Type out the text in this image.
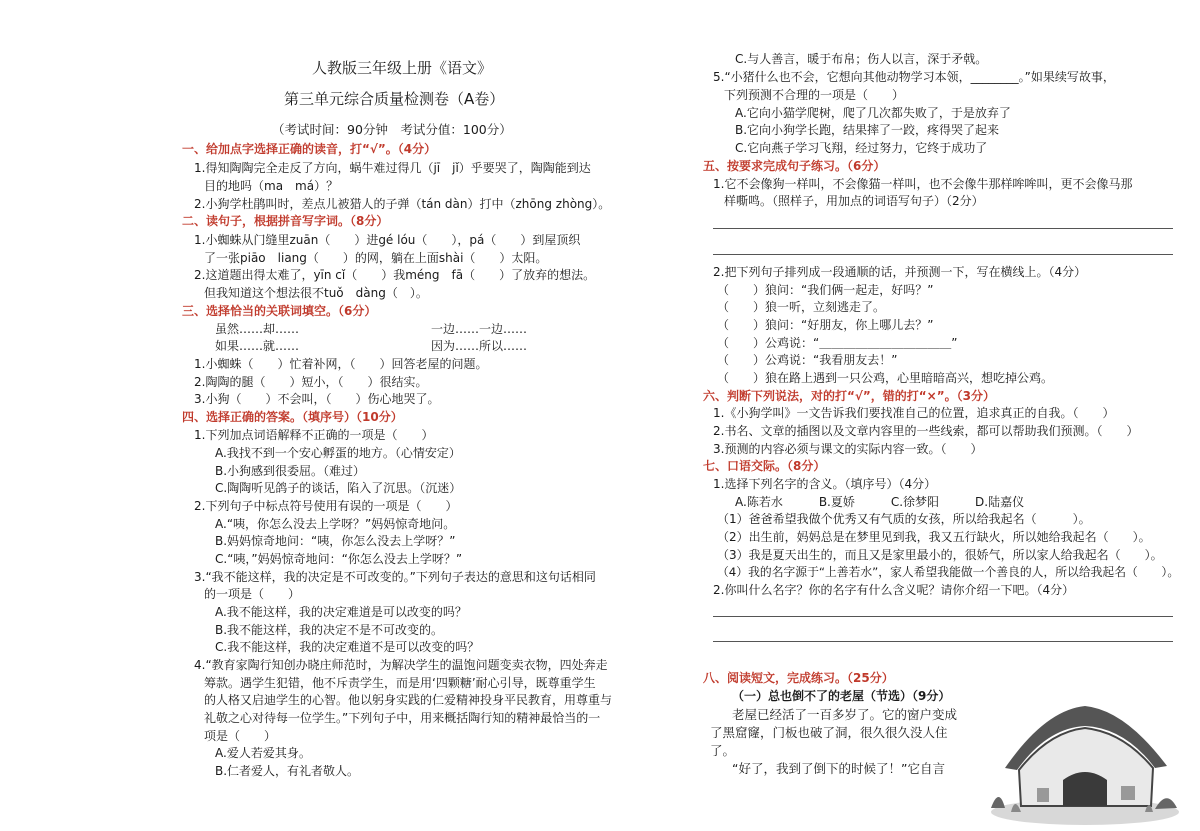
人教版三年级上册《语文》
第三单元综合质量检测卷（A卷）
（考试时间：90分钟　考试分值：100分）
一、给加点字选择正确的读音，打“√”。（4分）
1.得知陶陶完全走反了方向，蜗牛难过得几（jī　jǐ）乎要哭了，陶陶能到达
目的地吗（ma　má）？
2.小狗学杜鹃叫时，差点儿被猎人的子弹（tán dàn）打中（zhōng zhòng）。
二、读句子，根据拼音写字词。（8分）
1.小蜘蛛从门缝里zuān（　　）进gé lóu（　　），pá（　　）到屋顶织
了一张piāo　liang（　　）的网，躺在上面shài（　　）太阳。
2.这道题出得太难了，yīn cǐ（　　）我méng　fā（　　）了放弃的想法。
但我知道这个想法很不tuǒ　dàng（　）。
三、选择恰当的关联词填空。（6分）
虽然……却……　　　　　　　　　　　一边……一边……
如果……就……　　　　　　　　　　　因为……所以……
1.小蜘蛛（　　）忙着补网，（　　）回答老屋的问题。
2.陶陶的腿（　　）短小，（　　）很结实。
3.小狗（　　）不会叫，（　　）伤心地哭了。
四、选择正确的答案。（填序号）（10分）
1.下列加点词语解释不正确的一项是（　　）
A.我找不到一个安心孵蛋的地方。（心情安定）
B.小狗感到很委屈。（难过）
C.陶陶听见鸽子的谈话，陷入了沉思。（沉迷）
2.下列句子中标点符号使用有误的一项是（　　）
A.“咦，你怎么没去上学呀？”妈妈惊奇地问。
B.妈妈惊奇地问：“咦，你怎么没去上学呀？”
C.“咦，”妈妈惊奇地问：“你怎么没去上学呀？”
3.“我不能这样，我的决定是不可改变的。”下列句子表达的意思和这句话相同
的一项是（　　）
A.我不能这样，我的决定难道是可以改变的吗？
B.我不能这样，我的决定不是不可改变的。
C.我不能这样，我的决定难道不是可以改变的吗？
4.“教育家陶行知创办晓庄师范时，为解决学生的温饱问题变卖衣物，四处奔走
筹款。遇学生犯错，他不斥责学生，而是用‘四颗糖’耐心引导，既尊重学生
的人格又启迪学生的心智。他以躬身实践的仁爱精神投身平民教育，用尊重与
礼敬之心对待每一位学生。”下列句子中，用来概括陶行知的精神最恰当的一
项是（　　）
A.爱人若爱其身。
B.仁者爱人，有礼者敬人。
C.与人善言，暖于布帛；伤人以言，深于矛戟。
5.“小猪什么也不会，它想向其他动物学习本领，________。”如果续写故事，
下列预测不合理的一项是（　　）
A.它向小猫学爬树，爬了几次都失败了，于是放弃了
B.它向小狗学长跑，结果摔了一跤，疼得哭了起来
C.它向燕子学习飞翔，经过努力，它终于成功了
五、按要求完成句子练习。（6分）
1.它不会像狗一样叫，不会像猫一样叫，也不会像牛那样哞哞叫，更不会像马那
样嘶鸣。（照样子，用加点的词语写句子）（2分）
2.把下列句子排列成一段通顺的话，并预测一下，写在横线上。（4分）
（　　）狼问：“我们俩一起走，好吗？”
（　　）狼一听，立刻逃走了。
（　　）狼问：“好朋友，你上哪儿去？”
（　　）公鸡说：“＿＿＿＿＿＿＿＿＿＿＿”
（　　）公鸡说：“我看朋友去！”
（　　）狼在路上遇到一只公鸡，心里暗暗高兴，想吃掉公鸡。
六、判断下列说法，对的打“√”，错的打“×”。（3分）
1.《小狗学叫》一文告诉我们要找准自己的位置，追求真正的自我。（　　）
2.书名、文章的插图以及文章内容里的一些线索，都可以帮助我们预测。（　　）
3.预测的内容必须与课文的实际内容一致。（　　）
七、口语交际。（8分）
1.选择下列名字的含义。（填序号）（4分）
A.陈若水　　　B.夏娇　　　C.徐梦阳　　　D.陆嘉仪
（1）爸爸希望我做个优秀又有气质的女孩，所以给我起名（　　　）。
（2）出生前，妈妈总是在梦里见到我，我又五行缺火，所以她给我起名（　　）。
（3）我是夏天出生的，而且又是家里最小的，很娇气，所以家人给我起名（　　）。
（4）我的名字源于“上善若水”，家人希望我能做一个善良的人，所以给我起名（　　）。
2.你叫什么名字？你的名字有什么含义呢？请你介绍一下吧。（4分）
八、阅读短文，完成练习。（25分）
（一）总也倒不了的老屋（节选）（9分）
老屋已经活了一百多岁了。它的窗户变成
了黑窟窿，门板也破了洞，很久很久没人住
了。
“好了，我到了倒下的时候了！”它自言
